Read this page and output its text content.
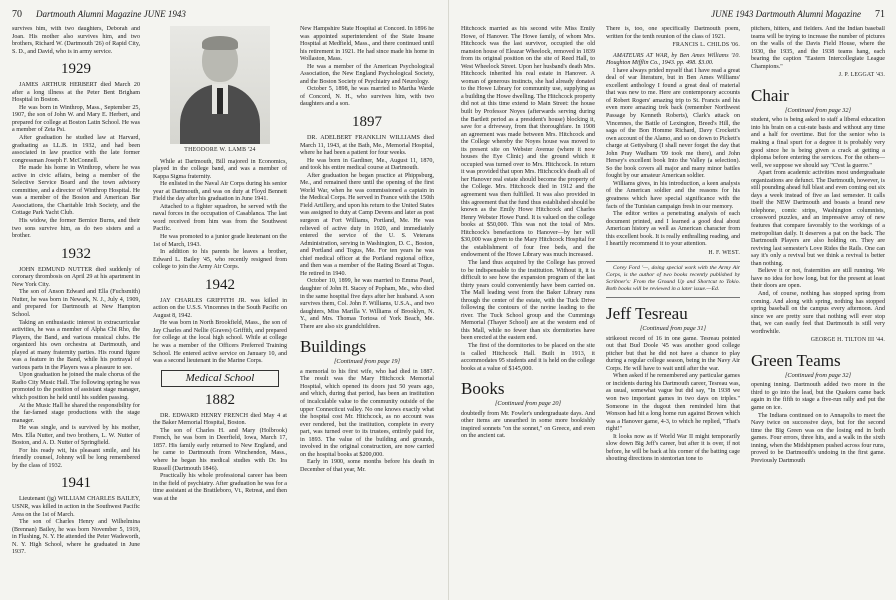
70 Dartmouth Alumni Magazine JUNE 1943

survives him, with two daughters, Deborah and Joan. His mother also survives him, and two brothers, Richard W. (Dartmouth '26) of Rapid City, S. D., and David, who is in army service.

1929

JAMES ARTHUR HERBERT died March 20 after a long illness at the Peter Bent Brigham Hospital in Boston.

He was born in Winthrop, Mass., September 25, 1907, the son of John W. and Mary E. Herbert, and prepared for college at Boston Latin School. He was a member of Zeta Psi.

After graduation he studied law at Harvard, graduating as LL.B. in 1932, and had been associated in law practice with the late former congressman Joseph F. McConnell.

He made his home in Winthrop, where he was active in civic affairs, being a member of the Selective Service Board and the town advisory committee, and a director of Winthrop Hospital. He was a member of the Boston and American Bar Associations, the Charitable Irish Society, and the Cottage Park Yacht Club.

His widow, the former Bernice Burns, and their two sons survive him, as do two sisters and a brother.

1932

JOHN EDMUND NUTTER died suddenly of coronary thrombosis on April 29 at his apartment in New York City.

The son of Anson Edward and Ella (Fuchsmith) Nutter, he was born in Newark, N. J., July 4, 1909, and prepared for Dartmouth at New Hampton School.

Taking an enthusiastic interest in extracurricular activities, he was a member of Alpha Chi Rho, the Players, the Band, and various musical clubs. He organized his own orchestra at Dartmouth, and played at many fraternity parties. His round figure was a feature in the Band, while his portrayal of various parts in the Players was a pleasure to see.

Upon graduation he joined the male chorus of the Radio City Music Hall. The following spring he was promoted to the position of assistant stage manager, which position he held until his sudden passing.

At the Music Hall he shared the responsibility for the far-famed stage productions with the stage manager.

He was single, and is survived by his mother, Mrs. Ella Nutter, and two brothers, L. W. Nutter of Boston, and A. D. Nutter of Springfield.

For his ready wit, his pleasant smile, and his friendly counsel, Johnny will be long remembered by the class of 1932.

1941

Lieutenant (jg) WILLIAM CHARLES BAILEY, USNR, was killed in action in the Southwest Pacific Area on the 1st of March.

The son of Charles Henry and Wilhelmina (Brennan) Bailey, he was born November 5, 1919, in Flushing, N. Y. He attended the Peter Wadsworth, N. Y. High School, where he graduated in June 1937.

THEODORE W. LAMB '24

While at Dartmouth, Bill majored in Economics, played in the college band, and was a member of Kappa Sigma fraternity.

He enlisted in the Naval Air Corps during his senior year at Dartmouth, and was on duty at Floyd Bennett Field the day after his graduation in June 1941.

Attached to a fighter squadron, he served with the naval forces in the occupation of Casablanca. The last word received from him was from the Southwest Pacific.

He was promoted to a junior grade lieutenant on the 1st of March, 1943.

In addition to his parents he leaves a brother, Edward L. Bailey '45, who recently resigned from college to join the Army Air Corps.

1942

JAY CHARLES GRIFFITH JR. was killed in action on the U.S.S. Vincennes in the South Pacific on August 8, 1942.

He was born in North Brookfield, Mass., the son of Jay Charles and Nellie (Graves) Griffith, and prepared for college at the local high school. While at college he was a member of the Officers Preferred Training School. He entered active service on January 10, and was a second lieutenant in the Marine Corps.

Medical School
1882

DR. EDWARD HENRY FRENCH died May 4 at the Baker Memorial Hospital, Boston.

The son of Charles H. and Mary (Holbrook) French, he was born in Deerfield, Iowa, March 17, 1857. His family early returned to New England, and he came to Dartmouth from Winchendon, Mass., where he began his medical studies with Dr. Ira Russell (Dartmouth 1846).

Practically his whole professional career has been in the field of psychiatry. After graduation he was for a time assistant at the Brattleboro, Vt., Retreat, and then was at the

New Hampshire State Hospital at Concord. In 1896 he was appointed superintendent of the State Insane Hospital at Medfield, Mass., and there continued until his retirement in 1921. He had since made his home in Wollaston, Mass.

He was a member of the American Psychological Association, the New England Psychological Society, and the Boston Society of Psychiatry and Neurology.

October 5, 1898, he was married to Martha Warde of Concord, N. H., who survives him, with two daughters and a son.

1897

DR. ADELBERT FRANKLIN WILLIAMS died March 11, 1943, at the Bath, Me., Memorial Hospital, where he had been a patient for four weeks.

He was born in Gardiner, Me., August 11, 1870, and took his entire medical course at Dartmouth.

After graduation he began practice at Phippsburg, Me., and remained there until the opening of the first World War, when he was commissioned a captain in the Medical Corps. He served in France with the 150th Field Artillery, and upon his return to the United States was assigned to duty at Camp Devens and later as post surgeon at Fort Williams, Portland, Me. He was relieved of active duty in 1920, and immediately entered the service of the U. S. Veterans Administration, serving in Washington, D. C., Boston, and Portland and Togus, Me. For ten years he was chief medical officer at the Portland regional office, and then was a member of the Rating Board at Togus. He retired in 1940.

October 10, 1899, he was married to Emma Pearl, daughter of John H. Stacey of Popham, Me., who died in the same hospital five days after her husband. A son survives them, Col. John F. Williams, U.S.A., and two daughters, Miss Marilla V. Williams of Brooklyn, N. Y., and Mrs. Thomas Tortosa of York Beach, Me. There are also six grandchildren.

Buildings
[Continued from page 19]

a memorial to his first wife, who had died in 1887. The result was the Mary Hitchcock Memorial Hospital, which opened its doors just 50 years ago, and which, during that period, has been an institution of incalculable value to the community outside of the upper Connecticut valley. No one knows exactly what the hospital cost Mr. Hitchcock, as no account was ever rendered, but the institution, complete in every part, was turned over to its trustees, entirely paid for, in 1893. The value of the building and grounds, involved in the original construction, are now carried on the hospital books at $200,000.

Early in 1900, some months before his death in December of that year, Mr.

JUNE 1943 Dartmouth Alumni Magazine 71

Hitchcock married as his second wife Miss Emily Howe, of Hanover. The Howe family, of whom Mrs. Hitchcock was the last survivor, occupied the old mansion house of Eleazar Wheelock, removed in 1839 from its original position on the site of Reed Hall, to West Wheelock Street. Upon her husband's death Mrs. Hitchcock inherited his real estate in Hanover. A woman of generous instincts, she had already donated to the Howe Library for community use, supplying as a building the Howe dwelling. The Hitchcock property did not at this time extend to Main Street: the house built by Professor Noyes (afterwards serving during the Bartlett period as a president's house) blocking it, save for a driveway, from that thoroughfare. In 1908 an agreement was made between Mrs. Hitchcock and the College whereby the Noyes house was moved to its present site on Webster Avenue (where it now houses the Eye Clinic) and the ground which it occupied was turned over to Mrs. Hitchcock. In return it was provided that upon Mrs. Hitchcock's death all of her Hanover real estate should become the property of the College. Mrs. Hitchcock died in 1912 and the agreement was then fulfilled. It was also provided in this agreement that the fund thus established should be known as the Emily Howe Hitchcock and Charles Henry Webster Howe Fund. It is valued on the college books at $50,000. This was not the total of Mrs. Hitchcock's benefactions to Hanover—by her will $30,000 was given to the Mary Hitchcock Hospital for the establishment of four free beds, and the endowment of the Howe Library was much increased.

The land thus acquired by the College has proved to be indispensable to the institution. Without it, it is difficult to see how the expansion program of the last thirty years could conveniently have been carried on. The Mall leading west from the Baker Library runs through the center of the estate, with the Tuck Drive following the contours of the ravine leading to the river. The Tuck School group and the Cummings Memorial (Thayer School) are at the western end of this Mall, while no fewer than six dormitories have been erected at the eastern end.

The first of the dormitories to be placed on the site is called Hitchcock Hall. Built in 1913, it accommodates 95 students and it is held on the college books at a value of $145,000.

Books
[Continued from page 20]

doubtedly from Mr. Fowler's undergraduate days. And other items are unearthed in some more bookishly inspired sonnets "on the sonnet," on Greece, and even on the ancient cat.

There is, too, one specifically Dartmouth poem, written for the tenth reunion of the class of 1921.

FRANCIS L. CHILDS '06.

AMATEURS AT WAR, by Ben Ames Williams '10. Houghton Mifflin Co., 1943. pp. 498. $3.00.

I have always prided myself that I have read a great deal of war literature, but in Ben Ames Williams' excellent anthology I found a great deal of material that was new to me. Here are contemporary accounts of Robert Rogers' amazing trip to St. Francis and his even more amazing trek back (remember Northwest Passage by Kenneth Roberts), Clark's attack on Vincennes, the Battle of Lexington, Breed's Hill, the saga of the Bon Homme Richard, Davy Crockett's own account of the Alamo, and so on down to Pickett's charge at Gettysburg (I shall never forget the day that John Pray Wadham '09 took me there), and John Hersey's excellent book Into the Valley (a selection). So the book covers all major and many minor battles fought by our amateur American soldier.

Williams gives, in his introduction, a keen analysis of the American soldier and the reasons for his greatness which have special significance with the facts of the Tunisian campaign fresh in our memory.

The editor writes a penetrating analysis of each document printed, and I learned a good deal about American history as well as American character from this excellent book. It is really enthralling reading, and I heartily recommend it to your attention.

H. F. WEST.

Corey Ford '—, doing special work with the Army Air Corps, is the author of two books recently published by Scribner's: From the Ground Up and Shortcut to Tokio. Both books will be reviewed in a later issue.—Ed.

Jeff Tesreau
[Continued from page 31]

strikeout record of 16 in one game. Tesreau pointed out that Bud Doole '45 was another good college pitcher but that he did not have a chance to play during a regular college season, being in the Navy Air Corps. He will have to wait until after the war.

When asked if he remembered any particular games or incidents during his Dartmouth career, Tesreau was, as usual, somewhat vague but did say, "In 1938 we won two important games in two days on triples." Someone in the dugout then reminded him that Wonson had hit a long home run against Brown which was a Hanover game, 4-3, to which he replied, "That's right!"

It looks now as if World War II might temporarily slow down Big Jeff's career, but after it is over, if not before, he will be back at his corner of the batting cage shouting directions in stentorian tone to

pitchers, hitters, and fielders. And the Indian baseball teams will be trying to increase the number of pictures on the walls of the Davis Field House, where the 1930, the 1935, and the 1938 teams hang, each bearing the caption "Eastern Intercollegiate League Champions."

J. P. LEGGAT '43.
Chair
[Continued from page 32]

student, who is being asked to staff a liberal education into his brain on a cut-rate basis and without any time and a half for overtime. But for the senior who is making a final spurt for a degree it is probably very good since he is being given a crack at getting a diploma before entering the services. For the others—well, we suppose we should say "C'est la guerre."

Apart from academic activities most undergraduate organizations are defunct. The Dartmouth, however, is still pounding ahead full blast and even coming out six days a week instead of five as last semester. It calls itself the NEW Dartmouth and boasts a brand new telephone, comic strips, Washington columnists, crossword puzzles, and an impressive array of new features that compare favorably to the workings of a metropolitan daily. It deserves a pat on the back. The Dartmouth Players are also holding on. They are reviving last semester's Love Rides the Rails. One can say it's only a revival but we think a revival is better than nothing.

Believe it or not, fraternities are still running. We have no idea for how long, but for the present at least their doors are open.

And, of course, nothing has stopped spring from coming. And along with spring, nothing has stopped spring baseball on the campus every afternoon. And since we are pretty sure that nothing will ever stop that, we can easily feel that Dartmouth is still very worthwhile.

GEORGE H. TILTON III '44.
Green Teams
[Continued from page 32]

opening inning. Dartmouth added two more in the third to go into the lead, but the Quakers came back again in the fifth to stage a five-run rally and put the game on ice.

The Indians continued on to Annapolis to meet the Navy twice on successive days, but for the second time the Big Green was on the losing end in both games. Four errors, three hits, and a walk in the sixth inning, when the Midshipmen pushed across four runs, proved to be Dartmouth's undoing in the first game. Previously Dartmouth
